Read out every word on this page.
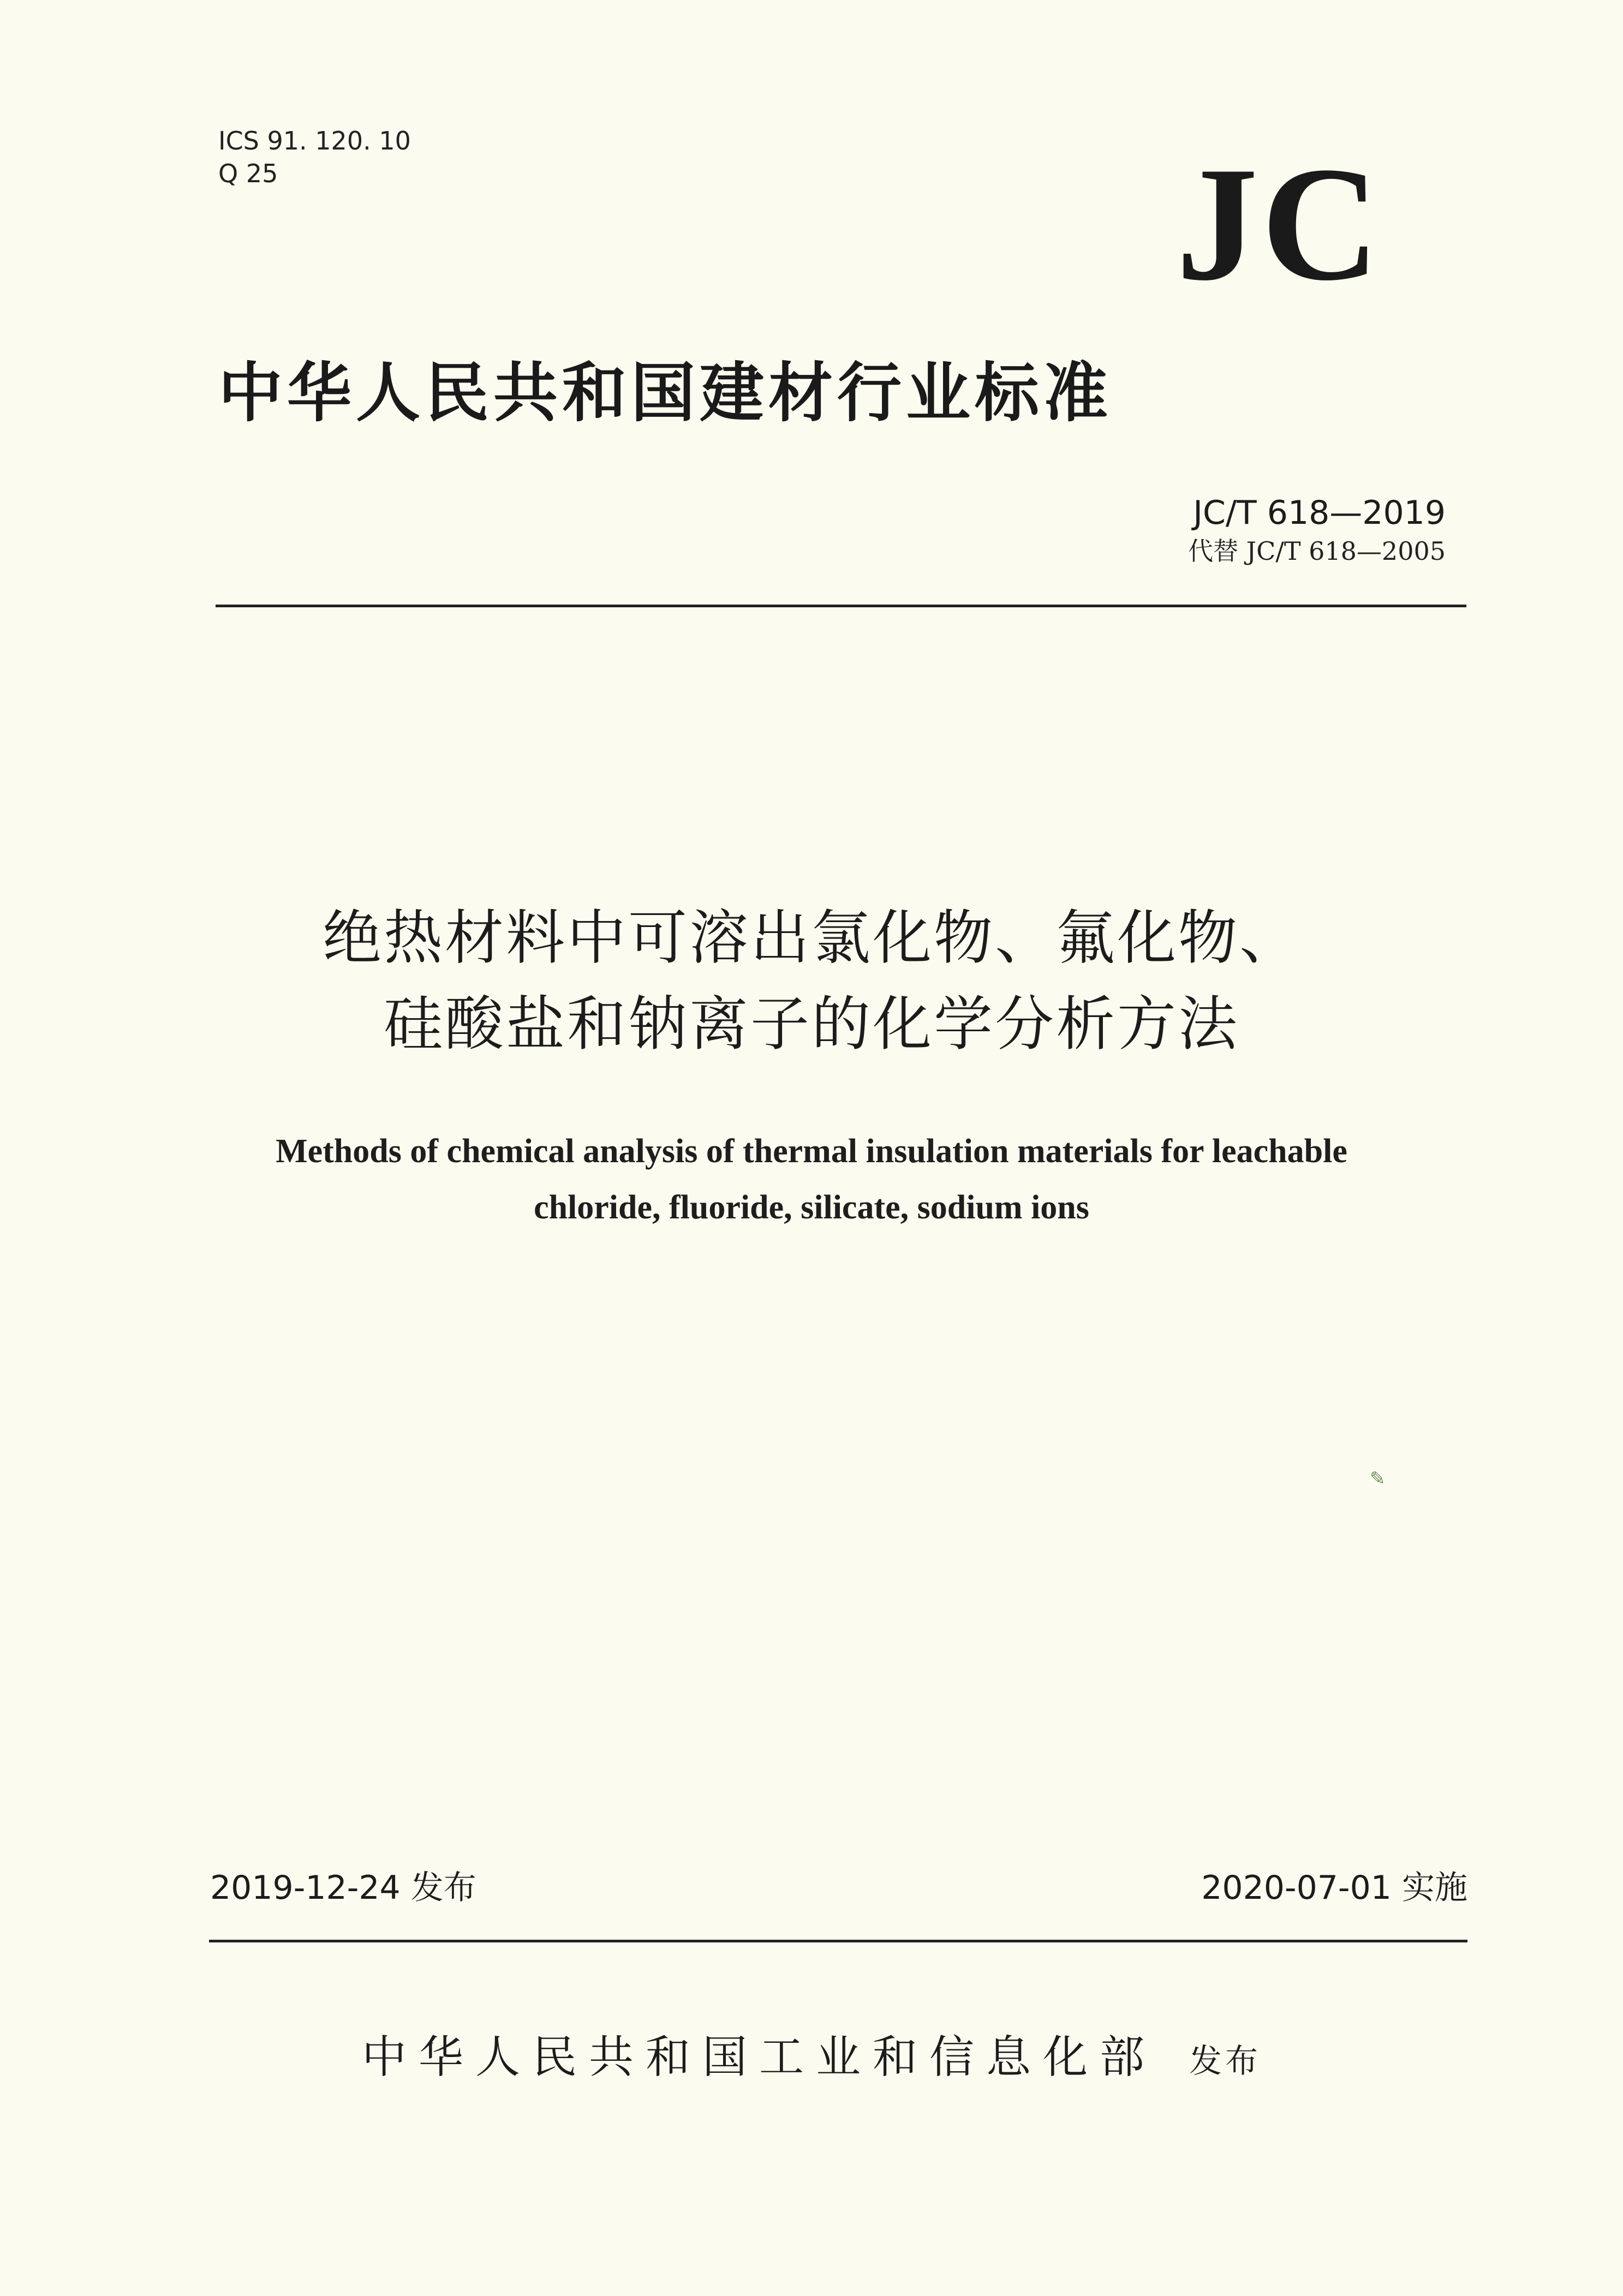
ICS 91. 120. 10
Q 25	JC
中华人民共和国建材行业标准
JC/T 618—2019
代替 JC/T 618—2005
绝热材料中可溶出氯化物、氟化物、
硅酸盐和钠离子的化学分析方法
Methods of chemical analysis of thermal insulation materials for leachable
chloride, fluoride, silicate, sodium ions
✎
2019-12-24 发布	2020-07-01 实施
中华人民共和国工业和信息化部 发布
